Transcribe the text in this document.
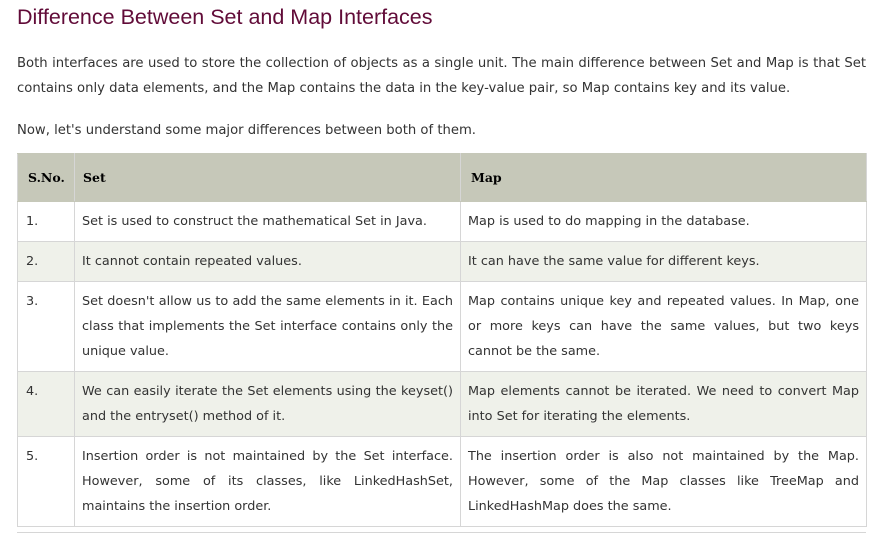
Difference Between Set and Map Interfaces

Both interfaces are used to store the collection of objects as a single unit. The main difference between Set and Map is that Set contains only data elements, and the Map contains the data in the key-value pair, so Map contains key and its value.

Now, let's understand some major differences between both of them.

S.No.	Set	Map
1.	Set is used to construct the mathematical Set in Java.	Map is used to do mapping in the database.
2.	It cannot contain repeated values.	It can have the same value for different keys.
3.	Set doesn't allow us to add the same elements in it. Each class that implements the Set interface contains only the unique value.	Map contains unique key and repeated values. In Map, one or more keys can have the same values, but two keys cannot be the same.
4.	We can easily iterate the Set elements using the keyset() and the entryset() method of it.	Map elements cannot be iterated. We need to convert Map into Set for iterating the elements.
5.	Insertion order is not maintained by the Set interface. However, some of its classes, like LinkedHashSet, maintains the insertion order.	The insertion order is also not maintained by the Map. However, some of the Map classes like TreeMap and LinkedHashMap does the same.
